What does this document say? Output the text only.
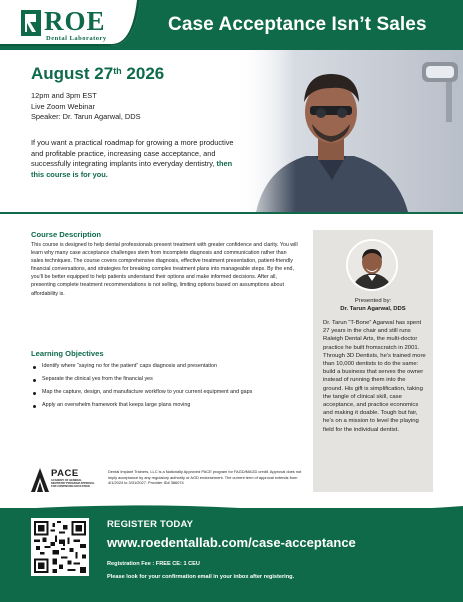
ROE
Dental Laboratory
Case Acceptance Isn’t Sales
August 27th 2026
12pm and 3pm EST
Live Zoom Webinar
Speaker: Dr. Tarun Agarwal, DDS
If you want a practical roadmap for growing a more productive and profitable practice, increasing case acceptance, and successfully integrating implants into everyday dentistry, then this course is for you.
Course Description
This course is designed to help dental professionals present treatment with greater confidence and clarity. You will learn why many case acceptance challenges stem from incomplete diagnosis and communication rather than sales techniques. The course covers comprehensive diagnosis, effective treatment presentation, patient-friendly financial conversations, and strategies for breaking complex treatment plans into manageable steps. By the end, you’ll be better equipped to help patients understand their options and make informed decisions. After all, presenting complete treatment recommendations is not selling, limiting options based on assumptions about affordability is.
Learning Objectives
Identify where “saying no for the patient” caps diagnosis and presentation
Separate the clinical yes from the financial yes
Map the capture, design, and manufacture workflow to your current equipment and gaps
Apply an overwhelm framework that keeps large plans moving
PACE
ACADEMY OF GENERAL DENTISTRY PROGRAM APPROVAL FOR CONTINUING EDUCATION
Dental Implant Trainers, LLC is a Nationally Approved PACE program for FAGD/MAGD credit. Approval does not imply acceptance by any regulatory authority or AGD endorsement. The current term of approval extends from 4/1/2024 to 3/31/2027. Provider ID# 386074
Presented by:
Dr. Tarun Agarwal, DDS
Dr. Tarun “T-Bone” Agarwal has spent 27 years in the chair and still runs Raleigh Dental Arts, the multi-doctor practice he built fromscratch in 2001. Through 3D Dentists, he’s trained more than 10,000 dentists to do the same: build a business that serves the owner instead of running them into the ground. His gift is simplification, taking the tangle of clinical skill, case acceptance, and practice economics and making it doable. Tough but fair, he’s on a mission to level the playing field for the individual dentist.
REGISTER TODAY
www.roedentallab.com/case-acceptance
Registration Fee : FREE CE: 1 CEU
Please look for your confirmation email in your inbox after registering.
